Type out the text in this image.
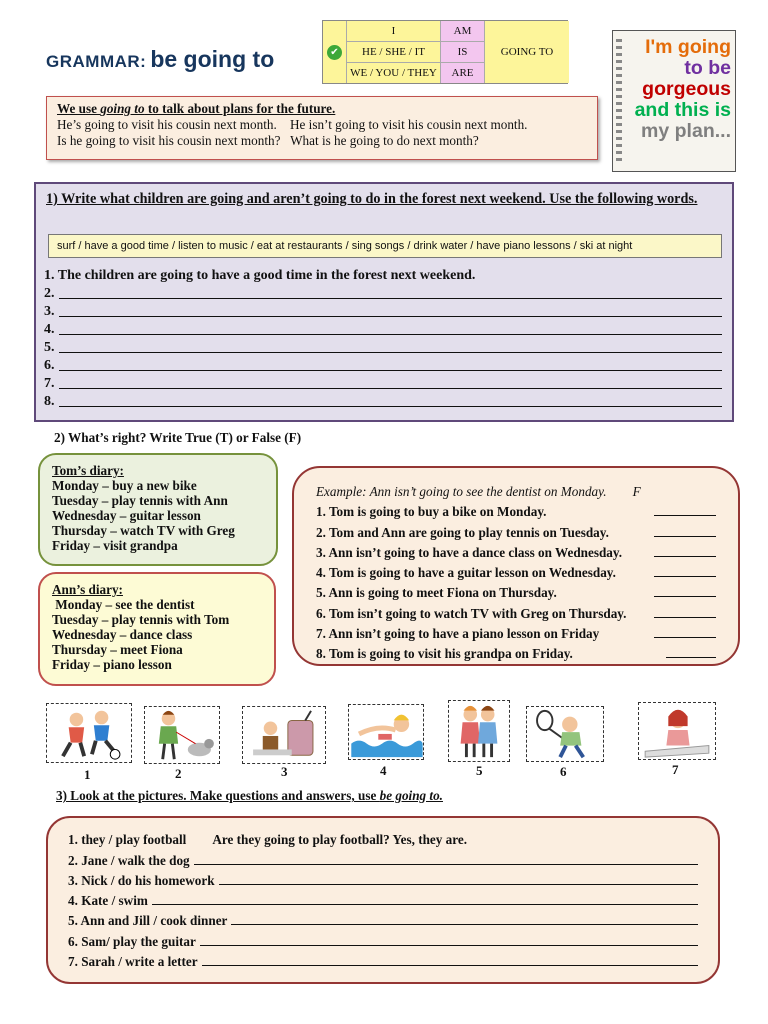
GRAMMAR: be going to	✔
I	AM
HE / SHE / IT	IS
WE / YOU / THEY	ARE
GOING TO	I'm going
to be
gorgeous
and this is
my plan...
We use going to to talk about plans for the future.
He’s going to visit his cousin next month.    He isn’t going to visit his cousin next month.
Is he going to visit his cousin next month?   What is he going to do next month?
1) Write what children are going and aren’t going to do in the forest next weekend. Use the following words.
surf / have a good time / listen to music / eat at restaurants / sing songs / drink water / have piano lessons / ski at night
1. The children are going to have a good time in the forest next weekend.
2.
3.
4.
5.
6.
7.
8.
2) What’s right? Write True (T) or False (F)
Tom’s diary:
Monday – buy a new bike
Tuesday – play tennis with Ann
Wednesday – guitar lesson
Thursday – watch TV with Greg
Friday – visit grandpa
Ann’s diary:
Monday – see the dentist
Tuesday – play tennis with Tom
Wednesday – dance class
Thursday – meet Fiona
Friday – piano lesson
Example: Ann isn’t going to see the dentist on Monday. F
1. Tom is going to buy a bike on Monday.
2. Tom and Ann are going to play tennis on Tuesday.
3. Ann isn’t going to have a dance class on Wednesday.
4. Tom is going to have a guitar lesson on Wednesday.
5. Ann is going to meet Fiona on Thursday.
6. Tom isn’t going to watch TV with Greg on Thursday.
7. Ann isn’t going to have a piano lesson on Friday
8. Tom is going to visit his grandpa on Friday.
1	2	3	4	5	6	7
3) Look at the pictures. Make questions and answers, use be going to.
1. they / play football Are they going to play football? Yes, they are.
2. Jane / walk the dog
3. Nick / do his homework
4. Kate / swim
5. Ann and Jill / cook dinner
6. Sam/ play the guitar
7. Sarah / write a letter
